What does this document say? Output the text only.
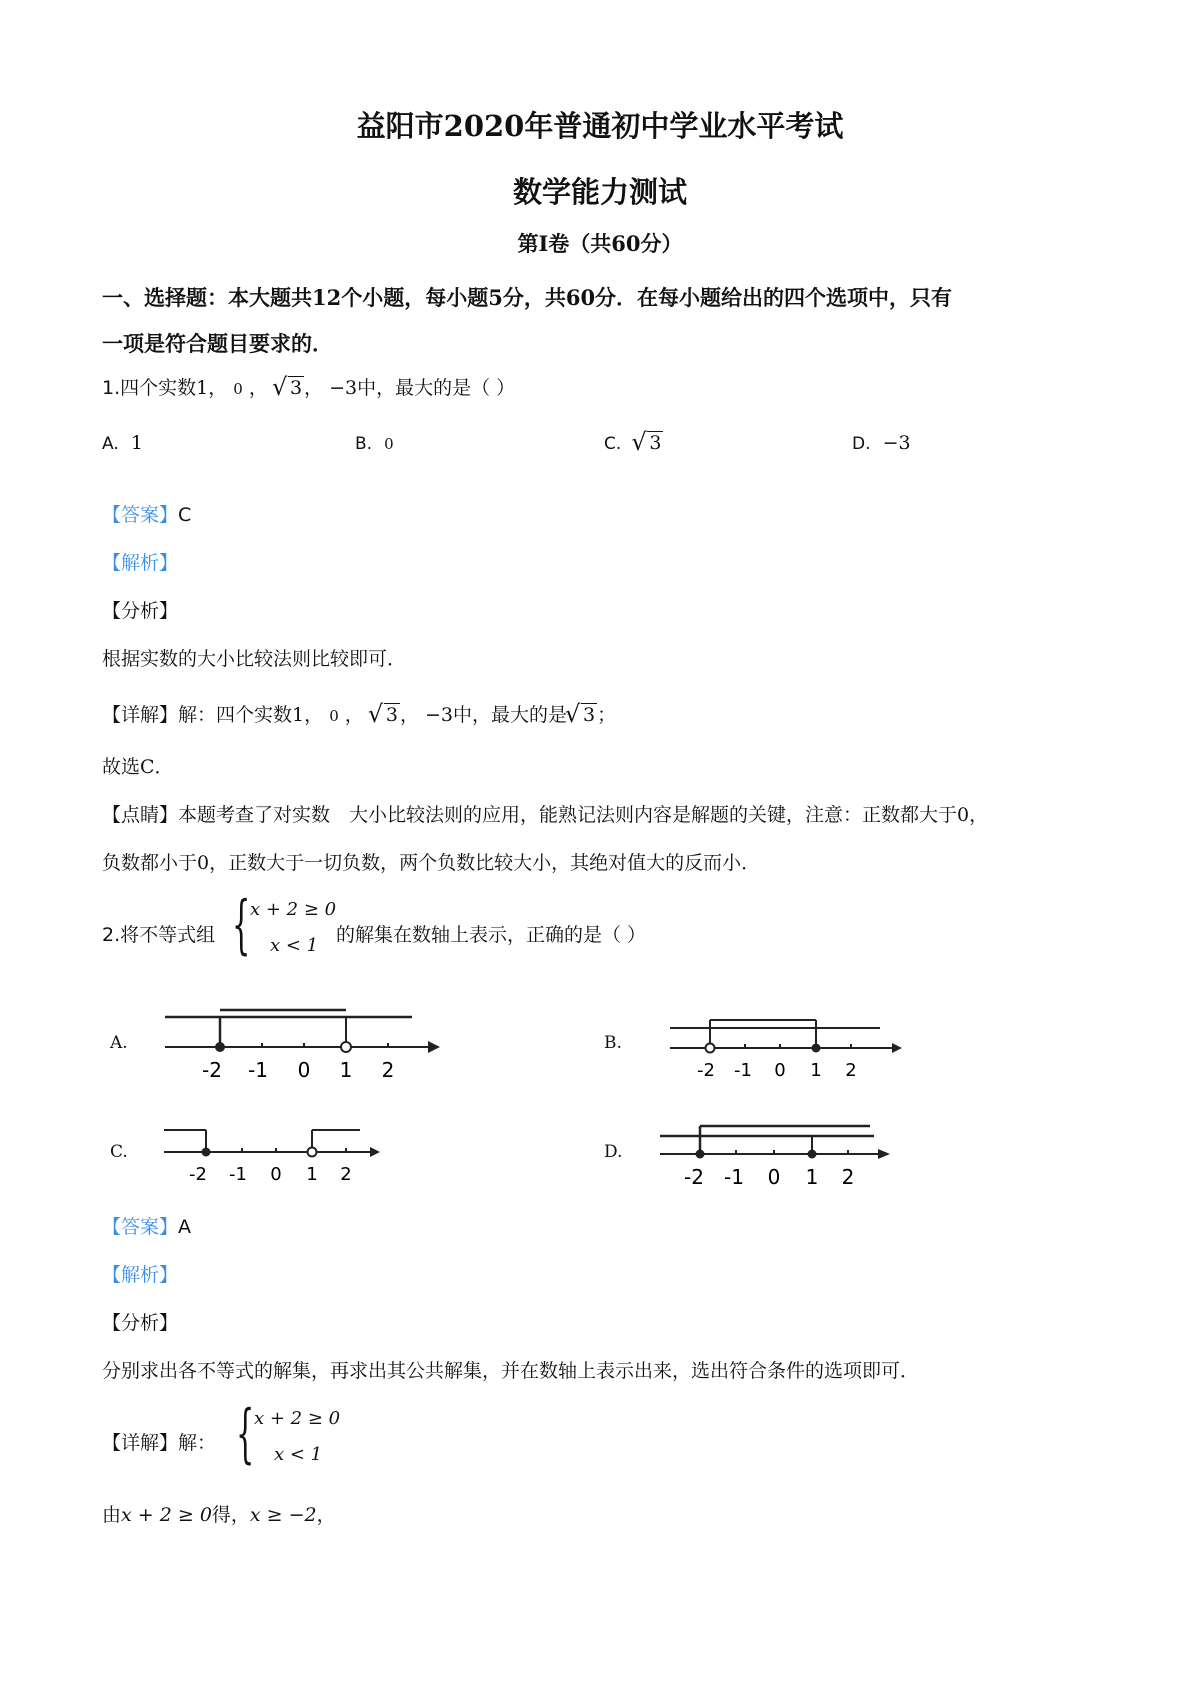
益阳市2020年普通初中学业水平考试
数学能力测试
第Ⅰ卷（共60分）
一、选择题：本大题共12个小题，每小题5分，共60分．在每小题给出的四个选项中，只有
一项是符合题目要求的．
1.四个实数1， 0 ， √ 3 ， −3中，最大的是（ ）
A. 1	B. 0	C. √ 3	D. −3
【答案】C
【解析】
【分析】
根据实数的大小比较法则比较即可．
【详解】解：四个实数1， 0 ， √ 3 ， −3中，最大的是 √ 3 ；
故选C．
【点睛】本题考查了对实数　大小比较法则的应用，能熟记法则内容是解题的关键，注意：正数都大于0，
负数都小于0，正数大于一切负数，两个负数比较大小，其绝对值大的反而小．
2.将不等式组 { x + 2 ≥ 0
x < 1 的解集在数轴上表示，正确的是（ ）
A.	B.
C.	D.
-2 -1 0 1 2	-2 -1 0 1 2
-2 -1 0 1 2	-2 -1 0 1 2
【答案】A
【解析】
【分析】
分别求出各不等式的解集，再求出其公共解集，并在数轴上表示出来，选出符合条件的选项即可．
【详解】解： { x + 2 ≥ 0
x < 1
由x + 2 ≥ 0得，x ≥ −2，
